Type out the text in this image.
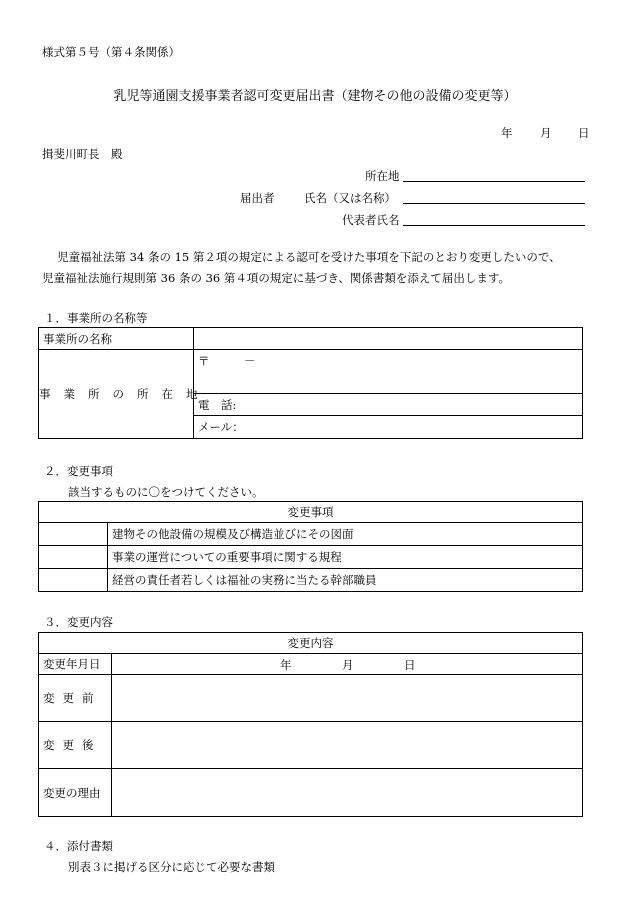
様式第５号（第４条関係）
乳児等通園支援事業者認可変更届出書（建物その他の設備の変更等）
年 月 日
揖斐川町長　殿
所在地
届出者	氏名（又は名称）
代表者氏名
児童福祉法第 34 条の 15 第２項の規定による認可を受けた事項を下記のとおり変更したいので、
児童福祉法施行規則第 36 条の 36 第４項の規定に基づき、関係書類を添えて届出します。
１．事業所の名称等
事業所の名称	
事業所の所在地	〒　　　－
	電　話:
	メール：
２．変更事項
該当するものに〇をつけてください。
変更事項	
	建物その他設備の規模及び構造並びにその図面
	事業の運営についての重要事項に関する規程
	経営の責任者若しくは福祉の実務に当たる幹部職員
３．変更内容
変更内容	
変更年月日	年 月 日

変更前	
変更後	
変更の理由	
４．添付書類
別表３に掲げる区分に応じて必要な書類
